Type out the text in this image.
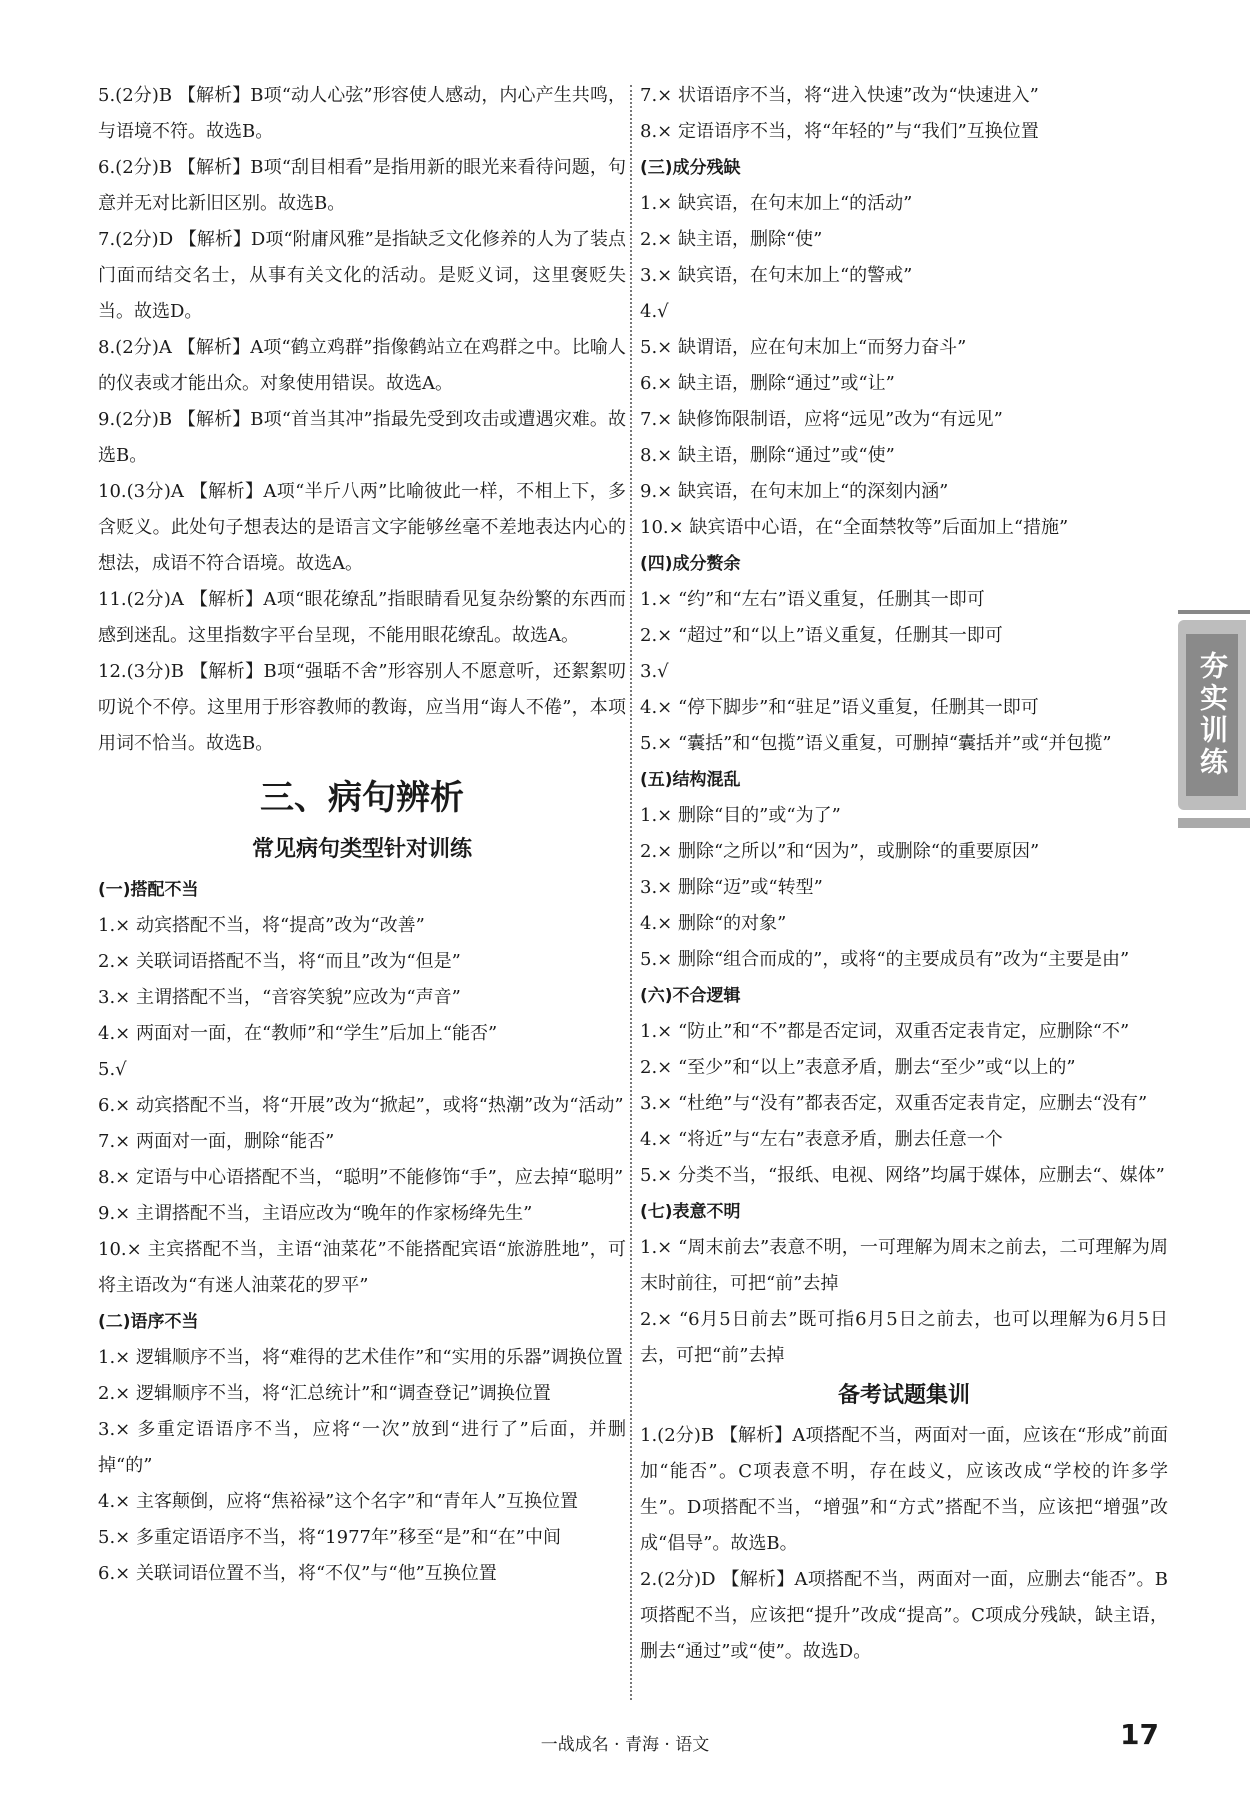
5.(2分)B 【解析】B项“动人心弦”形容使人感动，内心产生共鸣，与语境不符。故选B。

6.(2分)B 【解析】B项“刮目相看”是指用新的眼光来看待问题，句意并无对比新旧区别。故选B。

7.(2分)D 【解析】D项“附庸风雅”是指缺乏文化修养的人为了装点门面而结交名士，从事有关文化的活动。是贬义词，这里褒贬失当。故选D。

8.(2分)A 【解析】A项“鹤立鸡群”指像鹤站立在鸡群之中。比喻人的仪表或才能出众。对象使用错误。故选A。

9.(2分)B 【解析】B项“首当其冲”指最先受到攻击或遭遇灾难。故选B。

10.(3分)A 【解析】A项“半斤八两”比喻彼此一样，不相上下，多含贬义。此处句子想表达的是语言文字能够丝毫不差地表达内心的想法，成语不符合语境。故选A。

11.(2分)A 【解析】A项“眼花缭乱”指眼睛看见复杂纷繁的东西而感到迷乱。这里指数字平台呈现，不能用眼花缭乱。故选A。

12.(3分)B 【解析】B项“强聒不舍”形容别人不愿意听，还絮絮叨叨说个不停。这里用于形容教师的教诲，应当用“诲人不倦”，本项用词不恰当。故选B。

三、病句辨析
常见病句类型针对训练

(一)搭配不当

1.× 动宾搭配不当，将“提高”改为“改善”

2.× 关联词语搭配不当，将“而且”改为“但是”

3.× 主谓搭配不当，“音容笑貌”应改为“声音”

4.× 两面对一面，在“教师”和“学生”后加上“能否”

5.√

6.× 动宾搭配不当，将“开展”改为“掀起”，或将“热潮”改为“活动”

7.× 两面对一面，删除“能否”

8.× 定语与中心语搭配不当，“聪明”不能修饰“手”，应去掉“聪明”

9.× 主谓搭配不当，主语应改为“晚年的作家杨绛先生”

10.× 主宾搭配不当，主语“油菜花”不能搭配宾语“旅游胜地”，可将主语改为“有迷人油菜花的罗平”

(二)语序不当

1.× 逻辑顺序不当，将“难得的艺术佳作”和“实用的乐器”调换位置

2.× 逻辑顺序不当，将“汇总统计”和“调查登记”调换位置

3.× 多重定语语序不当，应将“一次”放到“进行了”后面，并删掉“的”

4.× 主客颠倒，应将“焦裕禄”这个名字”和“青年人”互换位置

5.× 多重定语语序不当，将“1977年”移至“是”和“在”中间

6.× 关联词语位置不当，将“不仅”与“他”互换位置

7.× 状语语序不当，将“进入快速”改为“快速进入”

8.× 定语语序不当，将“年轻的”与“我们”互换位置

(三)成分残缺

1.× 缺宾语，在句末加上“的活动”

2.× 缺主语，删除“使”

3.× 缺宾语，在句末加上“的警戒”

4.√

5.× 缺谓语，应在句末加上“而努力奋斗”

6.× 缺主语，删除“通过”或“让”

7.× 缺修饰限制语，应将“远见”改为“有远见”

8.× 缺主语，删除“通过”或“使”

9.× 缺宾语，在句末加上“的深刻内涵”

10.× 缺宾语中心语，在“全面禁牧等”后面加上“措施”

(四)成分赘余

1.× “约”和“左右”语义重复，任删其一即可

2.× “超过”和“以上”语义重复，任删其一即可

3.√

4.× “停下脚步”和“驻足”语义重复，任删其一即可

5.× “囊括”和“包揽”语义重复，可删掉“囊括并”或“并包揽”

(五)结构混乱

1.× 删除“目的”或“为了”

2.× 删除“之所以”和“因为”，或删除“的重要原因”

3.× 删除“迈”或“转型”

4.× 删除“的对象”

5.× 删除“组合而成的”，或将“的主要成员有”改为“主要是由”

(六)不合逻辑

1.× “防止”和“不”都是否定词，双重否定表肯定，应删除“不”

2.× “至少”和“以上”表意矛盾，删去“至少”或“以上的”

3.× “杜绝”与“没有”都表否定，双重否定表肯定，应删去“没有”

4.× “将近”与“左右”表意矛盾，删去任意一个

5.× 分类不当，“报纸、电视、网络”均属于媒体，应删去“、媒体”

(七)表意不明

1.× “周末前去”表意不明，一可理解为周末之前去，二可理解为周末时前往，可把“前”去掉

2.× “6月5日前去”既可指6月5日之前去，也可以理解为6月5日去，可把“前”去掉

备考试题集训

1.(2分)B 【解析】A项搭配不当，两面对一面，应该在“形成”前面加“能否”。C项表意不明，存在歧义，应该改成“学校的许多学生”。D项搭配不当，“增强”和“方式”搭配不当，应该把“增强”改成“倡导”。故选B。

2.(2分)D 【解析】A项搭配不当，两面对一面，应删去“能否”。B项搭配不当，应该把“提升”改成“提高”。C项成分残缺，缺主语，删去“通过”或“使”。故选D。

夯实训练
一战成名 · 青海 · 语文	17
